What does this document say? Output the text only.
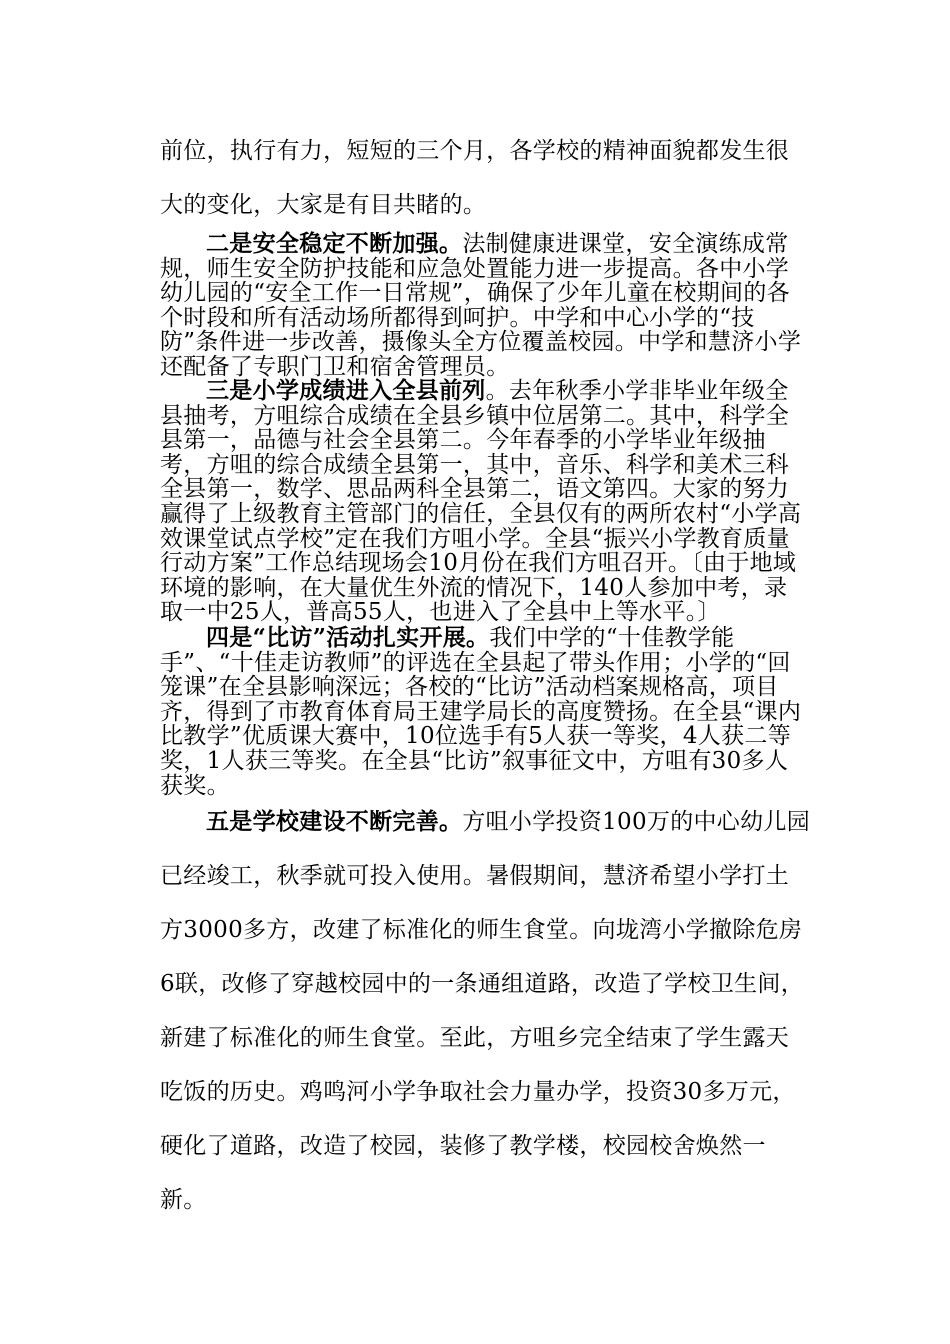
前位，执行有力，短短的三个月，各学校的精神面貌都发生很大的变化，大家是有目共睹的。

二是安全稳定不断加强。法制健康进课堂，安全演练成常规，师生安全防护技能和应急处置能力进一步提高。各中小学幼儿园的“安全工作一日常规”，确保了少年儿童在校期间的各个时段和所有活动场所都得到呵护。中学和中心小学的“技防”条件进一步改善，摄像头全方位覆盖校园。中学和慧济小学还配备了专职门卫和宿舍管理员。

三是小学成绩进入全县前列。去年秋季小学非毕业年级全县抽考，方咀综合成绩在全县乡镇中位居第二。其中，科学全县第一，品德与社会全县第二。今年春季的小学毕业年级抽考，方咀的综合成绩全县第一，其中，音乐、科学和美术三科全县第一，数学、思品两科全县第二，语文第四。大家的努力赢得了上级教育主管部门的信任，全县仅有的两所农村“小学高效课堂试点学校”定在我们方咀小学。全县“振兴小学教育质量行动方案”工作总结现场会10月份在我们方咀召开。〔由于地域环境的影响，在大量优生外流的情况下，140人参加中考，录取一中25人，普高55人，也进入了全县中上等水平。〕

四是“比访”活动扎实开展。我们中学的“十佳教学能手”、“十佳走访教师”的评选在全县起了带头作用；小学的“回笼课”在全县影响深远；各校的“比访”活动档案规格高，项目齐，得到了市教育体育局王建学局长的高度赞扬。在全县“课内比教学”优质课大赛中，10位选手有5人获一等奖，4人获二等奖，1人获三等奖。在全县“比访”叙事征文中，方咀有30多人获奖。

五是学校建设不断完善。方咀小学投资100万的中心幼儿园已经竣工，秋季就可投入使用。暑假期间，慧济希望小学打土方3000多方，改建了标准化的师生食堂。向垅湾小学撤除危房6联，改修了穿越校园中的一条通组道路，改造了学校卫生间，新建了标准化的师生食堂。至此，方咀乡完全结束了学生露天吃饭的历史。鸡鸣河小学争取社会力量办学，投资30多万元，硬化了道路，改造了校园，装修了教学楼，校园校舍焕然一新。
